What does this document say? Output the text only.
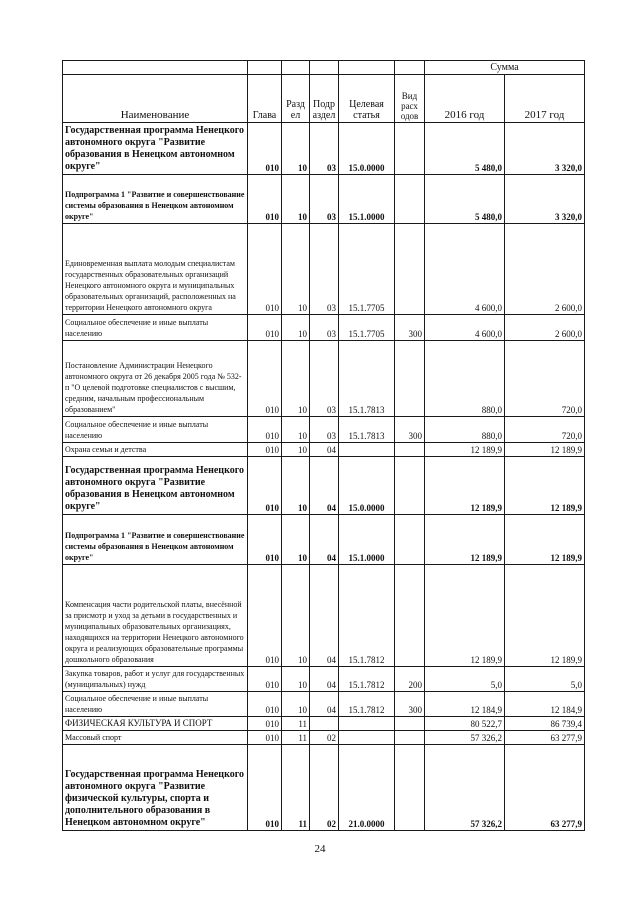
						Сумма	
Наименование	Глава	Разд ел	Подр аздел	Целевая статья	Вид расх одов	2016 год	2017 год
Государственная программа Ненецкого автономного округа "Развитие образования в Ненецком автономном округе"	010	10	03	15.0.0000		5 480,0	3 320,0
Подпрограмма 1 "Развитие и совершенствование системы образования в Ненецком автономном округе"	010	10	03	15.1.0000		5 480,0	3 320,0
Единовременная выплата молодым специалистам государственных образовательных организаций Ненецкого автономного округа и муниципальных образовательных организаций, расположенных на территории Ненецкого автономного округа	010	10	03	15.1.7705		4 600,0	2 600,0
Социальное обеспечение и иные выплаты населению	010	10	03	15.1.7705	300	4 600,0	2 600,0
Постановление Администрации Ненецкого автономного округа от 26 декабря 2005 года № 532-п "О целевой подготовке специалистов с высшим, средним, начальным профессиональным образованием"	010	10	03	15.1.7813		880,0	720,0
Социальное обеспечение и иные выплаты населению	010	10	03	15.1.7813	300	880,0	720,0
Охрана семьи и детства	010	10	04			12 189,9	12 189,9
Государственная программа Ненецкого автономного округа "Развитие образования в Ненецком автономном округе"	010	10	04	15.0.0000		12 189,9	12 189,9
Подпрограмма 1 "Развитие и совершенствование системы образования в Ненецком автономном округе"	010	10	04	15.1.0000		12 189,9	12 189,9
Компенсация части родительской платы, внесённой за присмотр и уход за детьми в государственных и муниципальных образовательных организациях, находящихся на территории Ненецкого автономного округа и реализующих образовательные программы дошкольного образования	010	10	04	15.1.7812		12 189,9	12 189,9
Закупка товаров, работ и услуг для государственных (муниципальных) нужд	010	10	04	15.1.7812	200	5,0	5,0
Социальное обеспечение и иные выплаты населению	010	10	04	15.1.7812	300	12 184,9	12 184,9
ФИЗИЧЕСКАЯ КУЛЬТУРА И СПОРТ	010	11				80 522,7	86 739,4
Массовый спорт	010	11	02			57 326,2	63 277,9
Государственная программа Ненецкого автономного округа "Развитие физической культуры, спорта и дополнительного образования в Ненецком автономном округе"	010	11	02	21.0.0000		57 326,2	63 277,9
24
